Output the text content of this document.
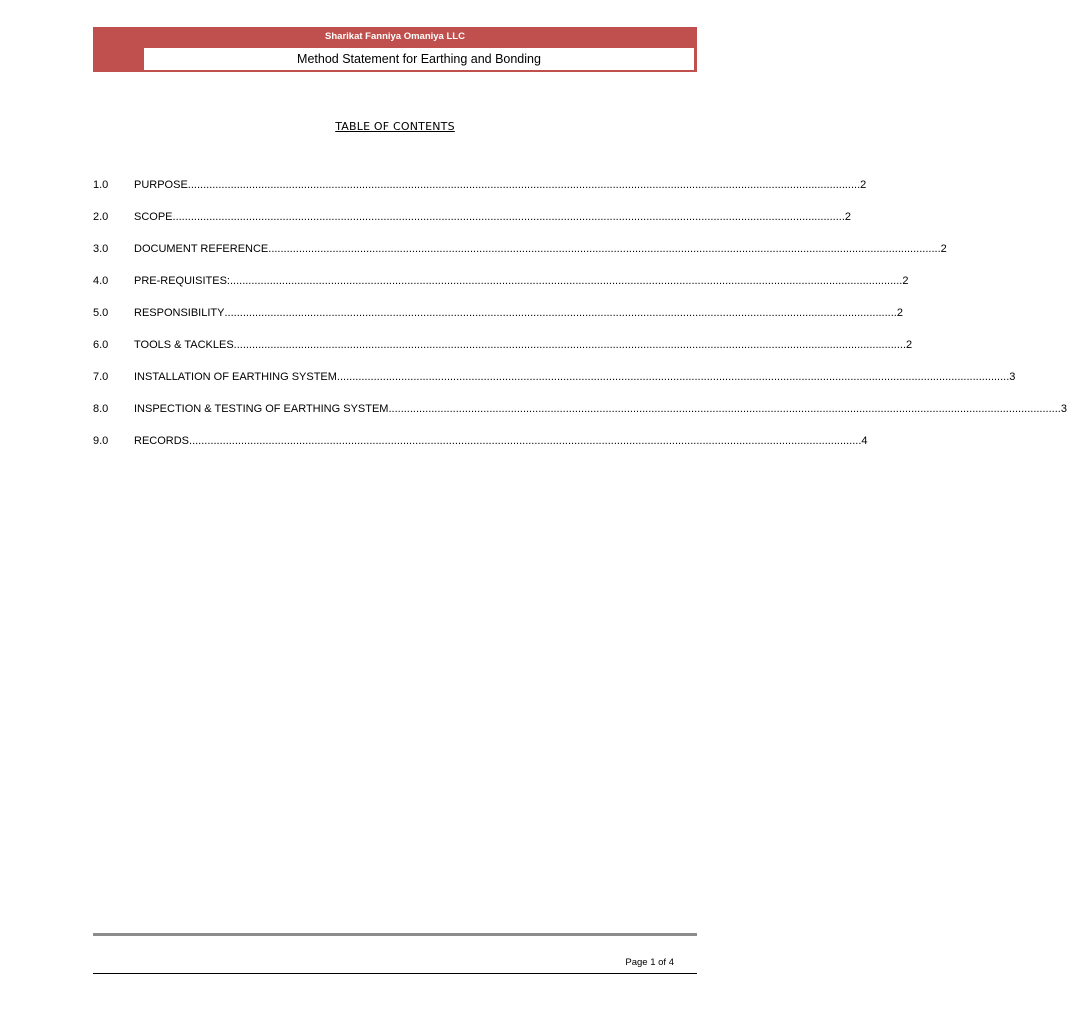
Sharikat Fanniya Omaniya LLC
Method Statement for Earthing and Bonding
TABLE OF CONTENTS
1.0	PURPOSE ............................................................................................................................................................................................................................ 2
2.0	SCOPE ............................................................................................................................................................................................................................ 2
3.0	DOCUMENT REFERENCE ............................................................................................................................................................................................................................ 2
4.0	PRE-REQUISITES: ............................................................................................................................................................................................................................ 2
5.0	RESPONSIBILITY ............................................................................................................................................................................................................................ 2
6.0	TOOLS & TACKLES ............................................................................................................................................................................................................................ 2
7.0	INSTALLATION OF EARTHING SYSTEM ............................................................................................................................................................................................................................ 3
8.0	INSPECTION & TESTING OF EARTHING SYSTEM ............................................................................................................................................................................................................................ 3
9.0	RECORDS ............................................................................................................................................................................................................................ 4
Page 1 of 4
